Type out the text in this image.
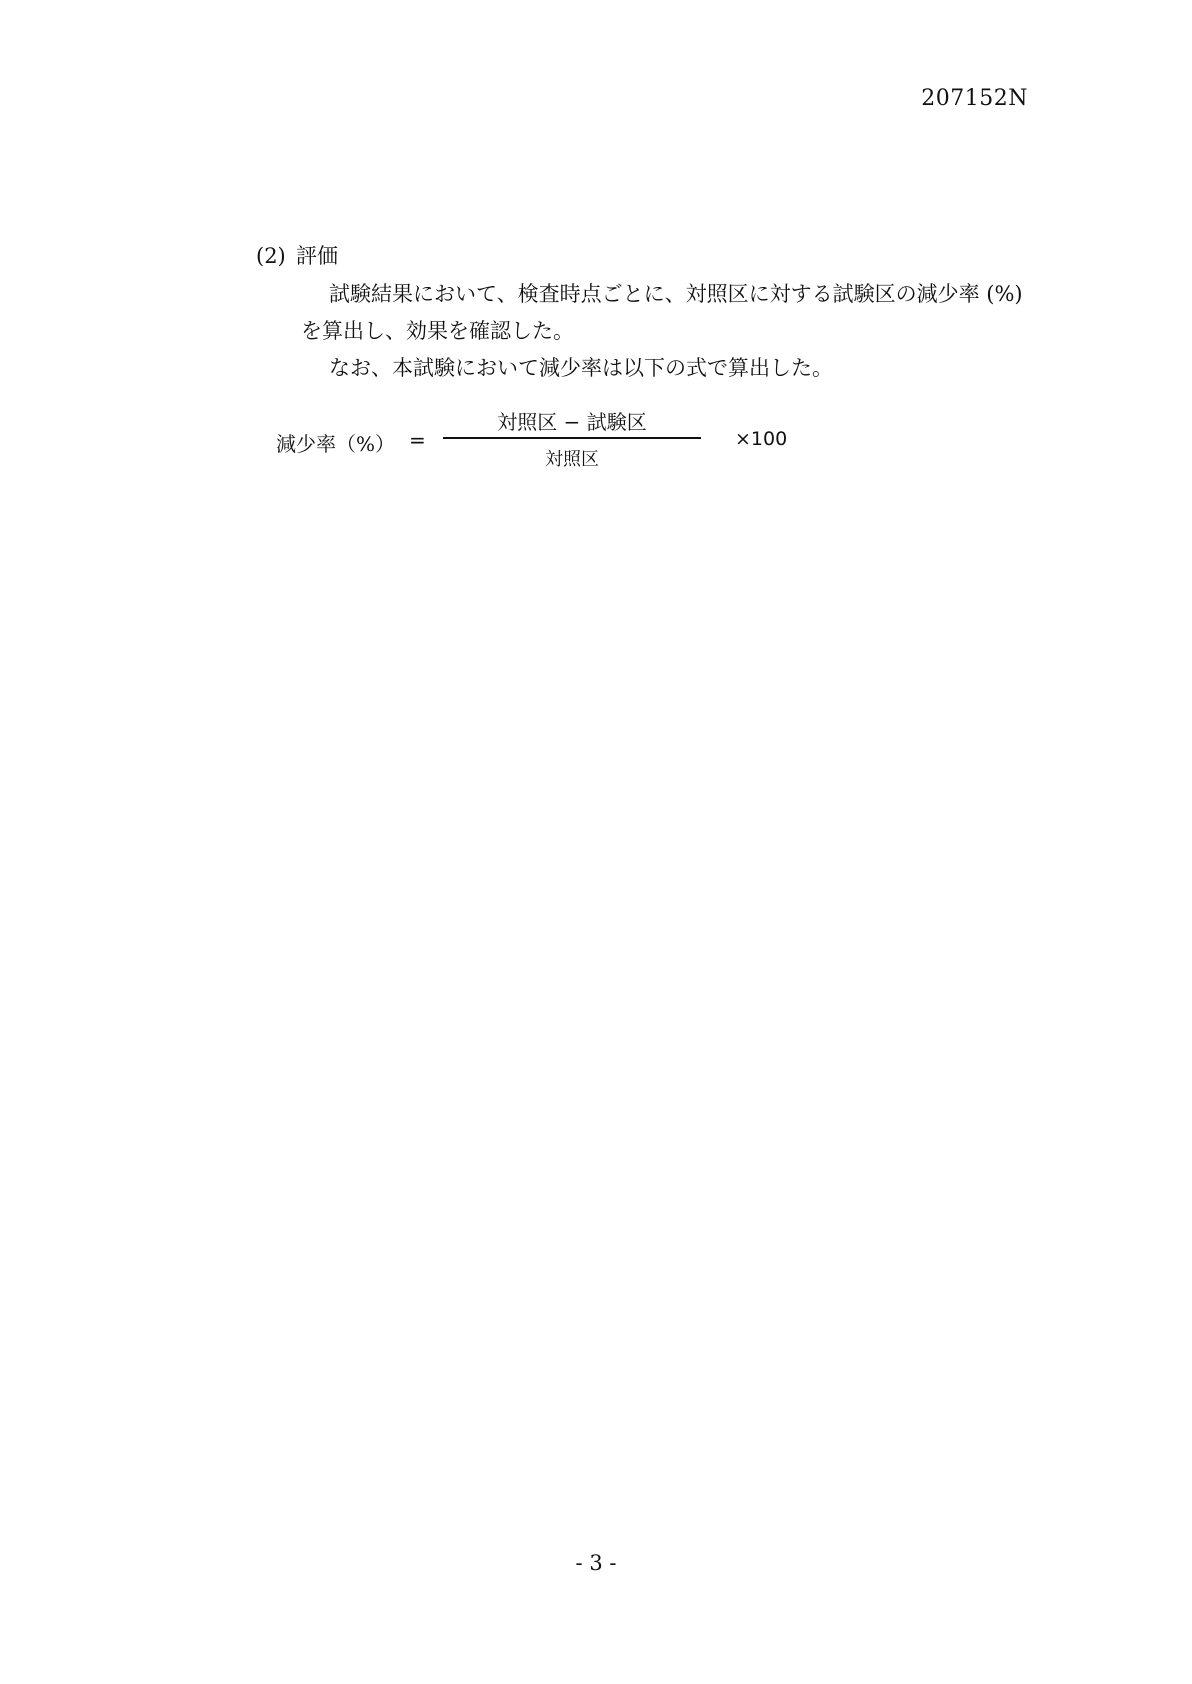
207152N
(2) 評価
試験結果において、検査時点ごとに、対照区に対する試験区の減少率 (%)
を算出し、効果を確認した。
なお、本試験において減少率は以下の式で算出した。
減少率（%） =
対照区 − 試験区
対照区
×100
- 3 -
